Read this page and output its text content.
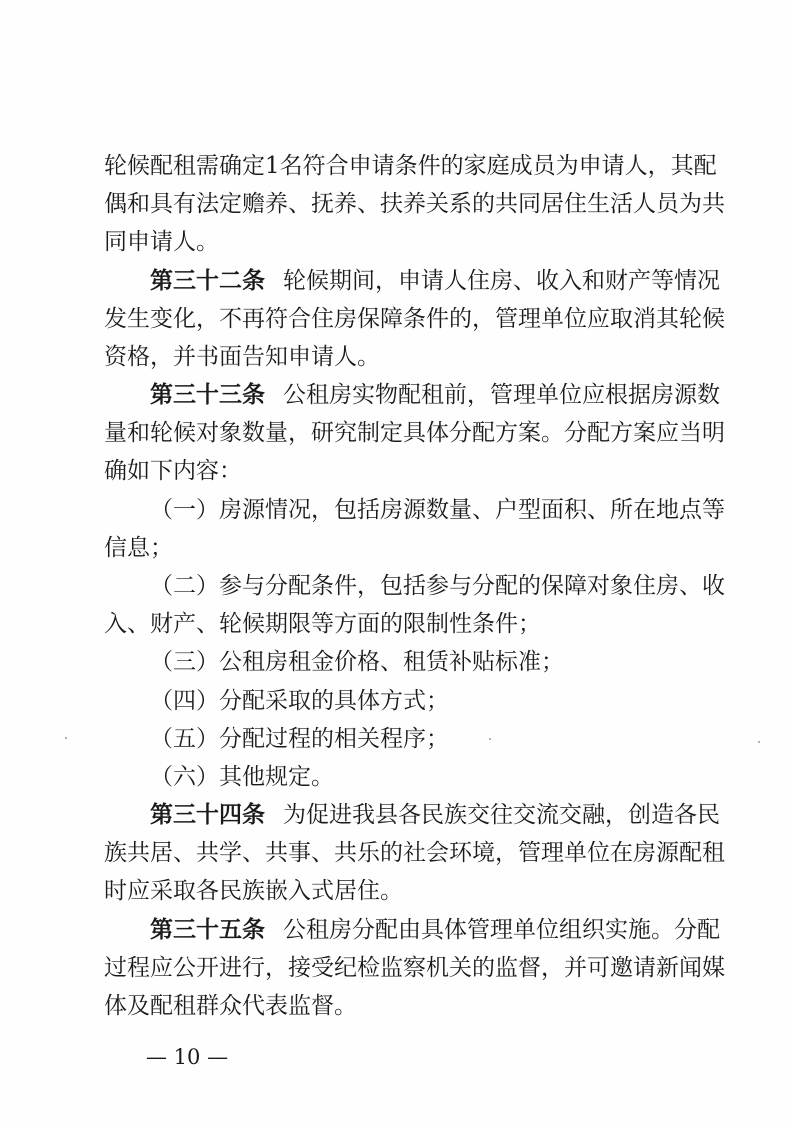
轮候配租需确定1名符合申请条件的家庭成员为申请人，其配
偶和具有法定赡养、抚养、扶养关系的共同居住生活人员为共
同申请人。
第三十二条 轮候期间，申请人住房、收入和财产等情况
发生变化，不再符合住房保障条件的，管理单位应取消其轮候
资格，并书面告知申请人。
第三十三条 公租房实物配租前，管理单位应根据房源数
量和轮候对象数量，研究制定具体分配方案。分配方案应当明
确如下内容：
（一）房源情况，包括房源数量、户型面积、所在地点等
信息；
（二）参与分配条件，包括参与分配的保障对象住房、收
入、财产、轮候期限等方面的限制性条件；
（三）公租房租金价格、租赁补贴标准；
（四）分配采取的具体方式；
（五）分配过程的相关程序；
（六）其他规定。
第三十四条 为促进我县各民族交往交流交融，创造各民
族共居、共学、共事、共乐的社会环境，管理单位在房源配租
时应采取各民族嵌入式居住。
— 10 —
第三十五条 公租房分配由具体管理单位组织实施。分配
过程应公开进行，接受纪检监察机关的监督，并可邀请新闻媒
体及配租群众代表监督。
